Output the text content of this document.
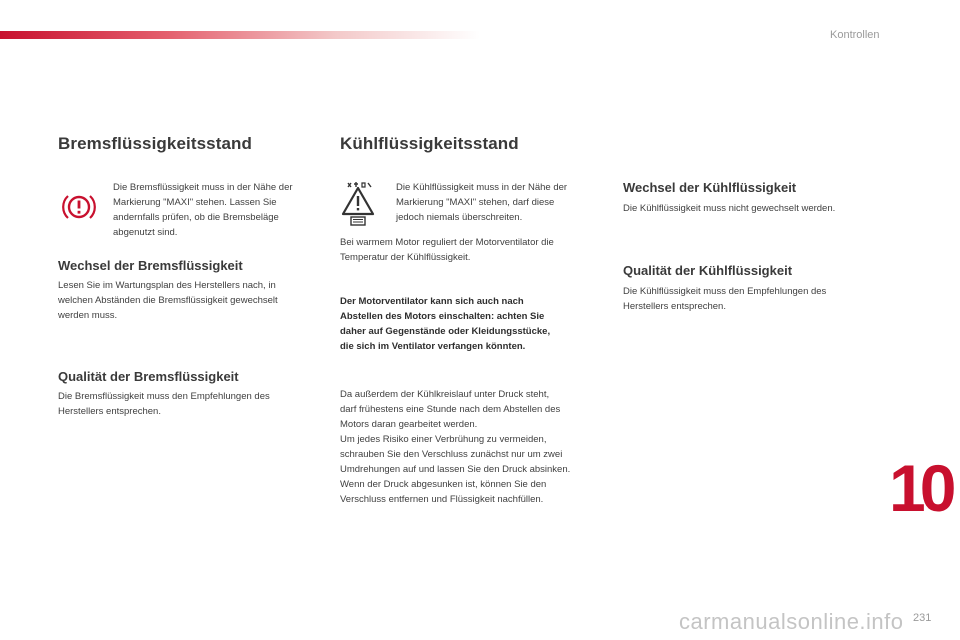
Kontrollen
Bremsflüssigkeitsstand

Die Bremsflüssigkeit muss in der Nähe der
Markierung "MAXI" stehen. Lassen Sie
andernfalls prüfen, ob die Bremsbeläge
abgenutzt sind.

Wechsel der Bremsflüssigkeit

Lesen Sie im Wartungsplan des Herstellers nach, in
welchen Abständen die Bremsflüssigkeit gewechselt
werden muss.

Qualität der Bremsflüssigkeit

Die Bremsflüssigkeit muss den Empfehlungen des
Herstellers entsprechen.

Kühlflüssigkeitsstand

Die Kühlflüssigkeit muss in der Nähe der
Markierung "MAXI" stehen, darf diese
jedoch niemals überschreiten.

Bei warmem Motor reguliert der Motorventilator die
Temperatur der Kühlflüssigkeit.

Der Motorventilator kann sich auch nach
Abstellen des Motors einschalten: achten Sie
daher auf Gegenstände oder Kleidungsstücke,
die sich im Ventilator verfangen könnten.

Da außerdem der Kühlkreislauf unter Druck steht,
darf frühestens eine Stunde nach dem Abstellen des
Motors daran gearbeitet werden.
Um jedes Risiko einer Verbrühung zu vermeiden,
schrauben Sie den Verschluss zunächst nur um zwei
Umdrehungen auf und lassen Sie den Druck absinken.
Wenn der Druck abgesunken ist, können Sie den
Verschluss entfernen und Flüssigkeit nachfüllen.

Wechsel der Kühlflüssigkeit

Die Kühlflüssigkeit muss nicht gewechselt werden.

Qualität der Kühlflüssigkeit

Die Kühlflüssigkeit muss den Empfehlungen des
Herstellers entsprechen.

10
carmanualsonline.info 231
